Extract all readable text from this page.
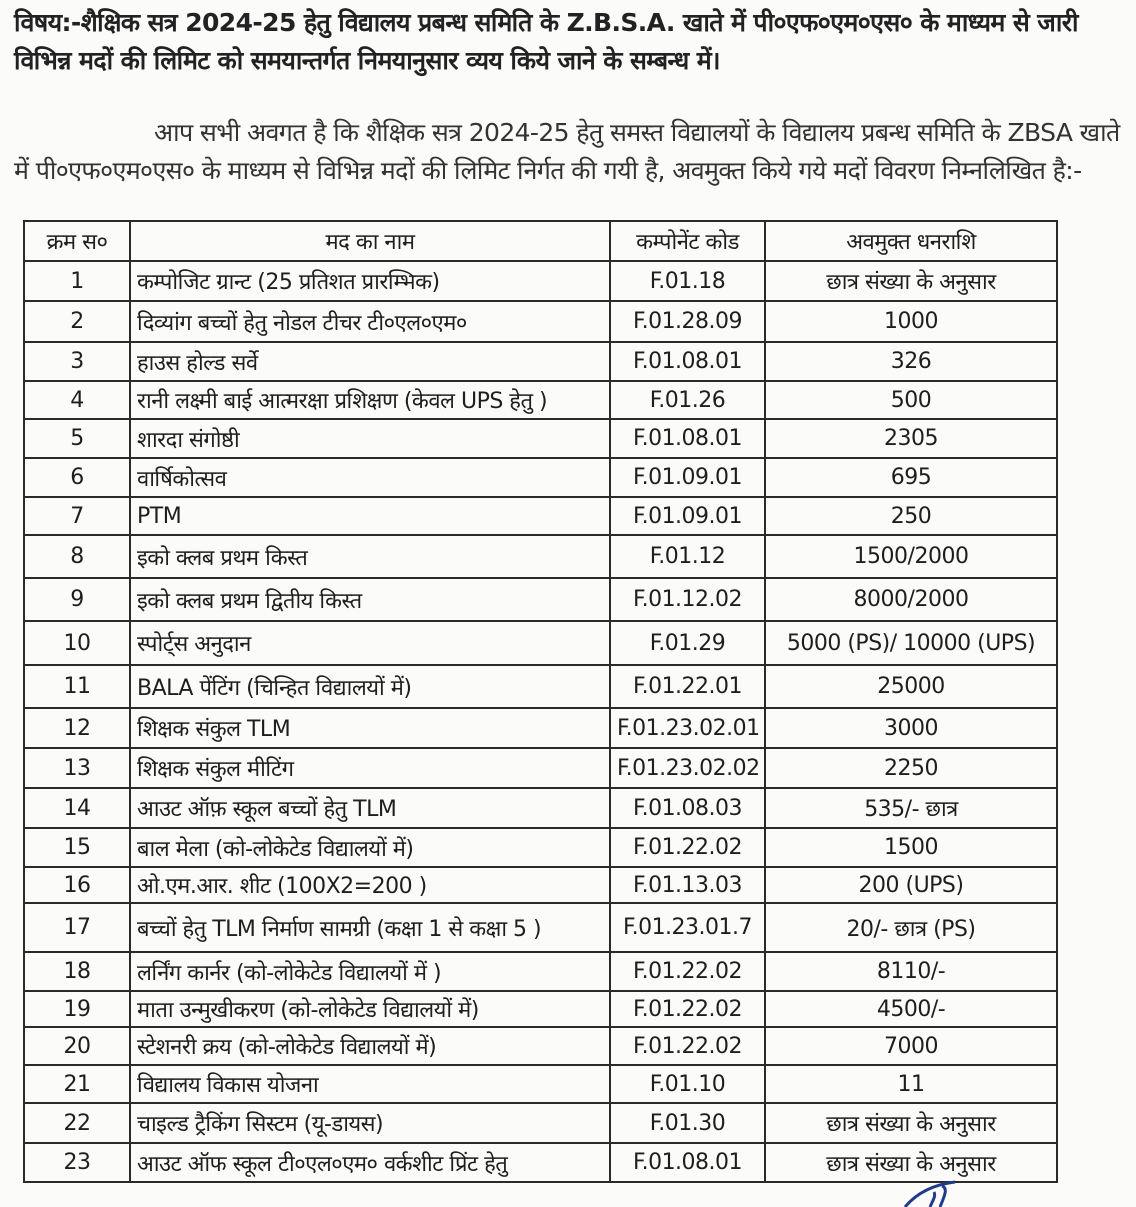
विषय:-शैक्षिक सत्र 2024-25 हेतु विद्यालय प्रबन्ध समिति के Z.B.S.A. खाते में पी०एफ०एम०एस० के माध्यम से जारी विभिन्न मदों की लिमिट को समयान्तर्गत निमयानुसार व्यय किये जाने के सम्बन्ध में।
आप सभी अवगत है कि शैक्षिक सत्र 2024-25 हेतु समस्त विद्यालयों के विद्यालय प्रबन्ध समिति के ZBSA खाते में पी०एफ०एम०एस० के माध्यम से विभिन्न मदों की लिमिट निर्गत की गयी है, अवमुक्त किये गये मदों विवरण निम्नलिखित है:-
क्रम स०	मद का नाम	कम्पोनेंट कोड	अवमुक्त धनराशि
1	कम्पोजिट ग्रान्ट (25 प्रतिशत प्रारम्भिक)	F.01.18	छात्र संख्या के अनुसार
2	दिव्यांग बच्चों हेतु नोडल टीचर टी०एल०एम०	F.01.28.09	1000
3	हाउस होल्ड सर्वे	F.01.08.01	326
4	रानी लक्ष्मी बाई आत्मरक्षा प्रशिक्षण (केवल UPS हेतु )	F.01.26	500
5	शारदा संगोष्ठी	F.01.08.01	2305
6	वार्षिकोत्सव	F.01.09.01	695
7	PTM	F.01.09.01	250
8	इको क्लब प्रथम किस्त	F.01.12	1500/2000
9	इको क्लब प्रथम द्वितीय किस्त	F.01.12.02	8000/2000
10	स्पोर्ट्स अनुदान	F.01.29	5000 (PS)/ 10000 (UPS)
11	BALA पेंटिंग (चिन्हित विद्यालयों में)	F.01.22.01	25000
12	शिक्षक संकुल TLM	F.01.23.02.01	3000
13	शिक्षक संकुल मीटिंग	F.01.23.02.02	2250
14	आउट ऑफ़ स्कूल बच्चों हेतु TLM	F.01.08.03	535/- छात्र
15	बाल मेला (को-लोकेटेड विद्यालयों में)	F.01.22.02	1500
16	ओ.एम.आर. शीट (100X2=200 )	F.01.13.03	200 (UPS)
17	बच्चों हेतु TLM निर्माण सामग्री (कक्षा 1 से कक्षा 5 )	F.01.23.01.7	20/- छात्र (PS)
18	लर्निंग कार्नर (को-लोकेटेड विद्यालयों में )	F.01.22.02	8110/-
19	माता उन्मुखीकरण (को-लोकेटेड विद्यालयों में)	F.01.22.02	4500/-
20	स्टेशनरी क्रय (को-लोकेटेड विद्यालयों में)	F.01.22.02	7000
21	विद्यालय विकास योजना	F.01.10	11
22	चाइल्ड ट्रैकिंग सिस्टम (यू-डायस)	F.01.30	छात्र संख्या के अनुसार
23	आउट ऑफ स्कूल टी०एल०एम० वर्कशीट प्रिंट हेतु	F.01.08.01	छात्र संख्या के अनुसार
